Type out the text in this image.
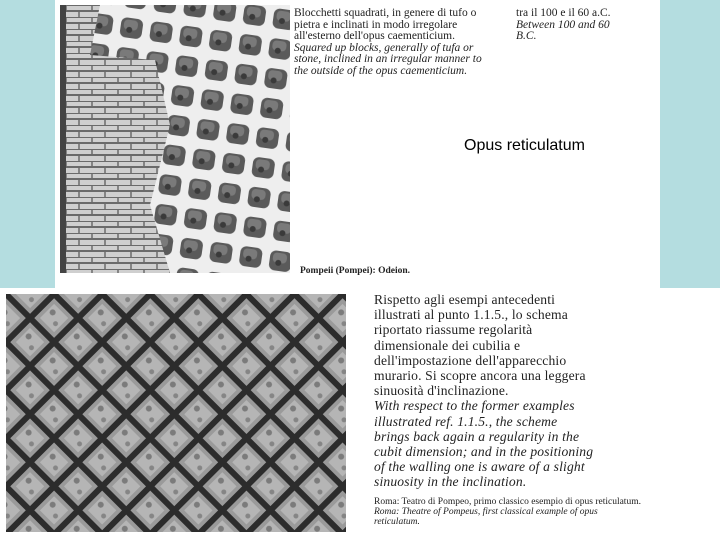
Blocchetti squadrati, in genere di tufo o
pietra e inclinati in modo irregolare
all'esterno dell'opus caementicium.
Squared up blocks, generally of tufa or
stone, inclined in an irregular manner to
the outside of the opus caementicium.
tra il 100 e il 60 a.C.
Between 100 and 60
B.C.
Opus reticulatum
Pompeii (Pompei): Odeion.
Rispetto agli esempi antecedenti
illustrati al punto 1.1.5., lo schema
riportato riassume regolarità
dimensionale dei cubilia e
dell'impostazione dell'apparecchio
murario. Si scopre ancora una leggera
sinuosità d'inclinazione.
With respect to the former examples
illustrated ref. 1.1.5., the scheme
brings back again a regularity in the
cubit dimension; and in the positioning
of the walling one is aware of a slight
sinuosity in the inclination.
Roma: Teatro di Pompeo, primo classico esempio di opus reticulatum.
Roma: Theatre of Pompeus, first classical example of opus
reticulatum.
